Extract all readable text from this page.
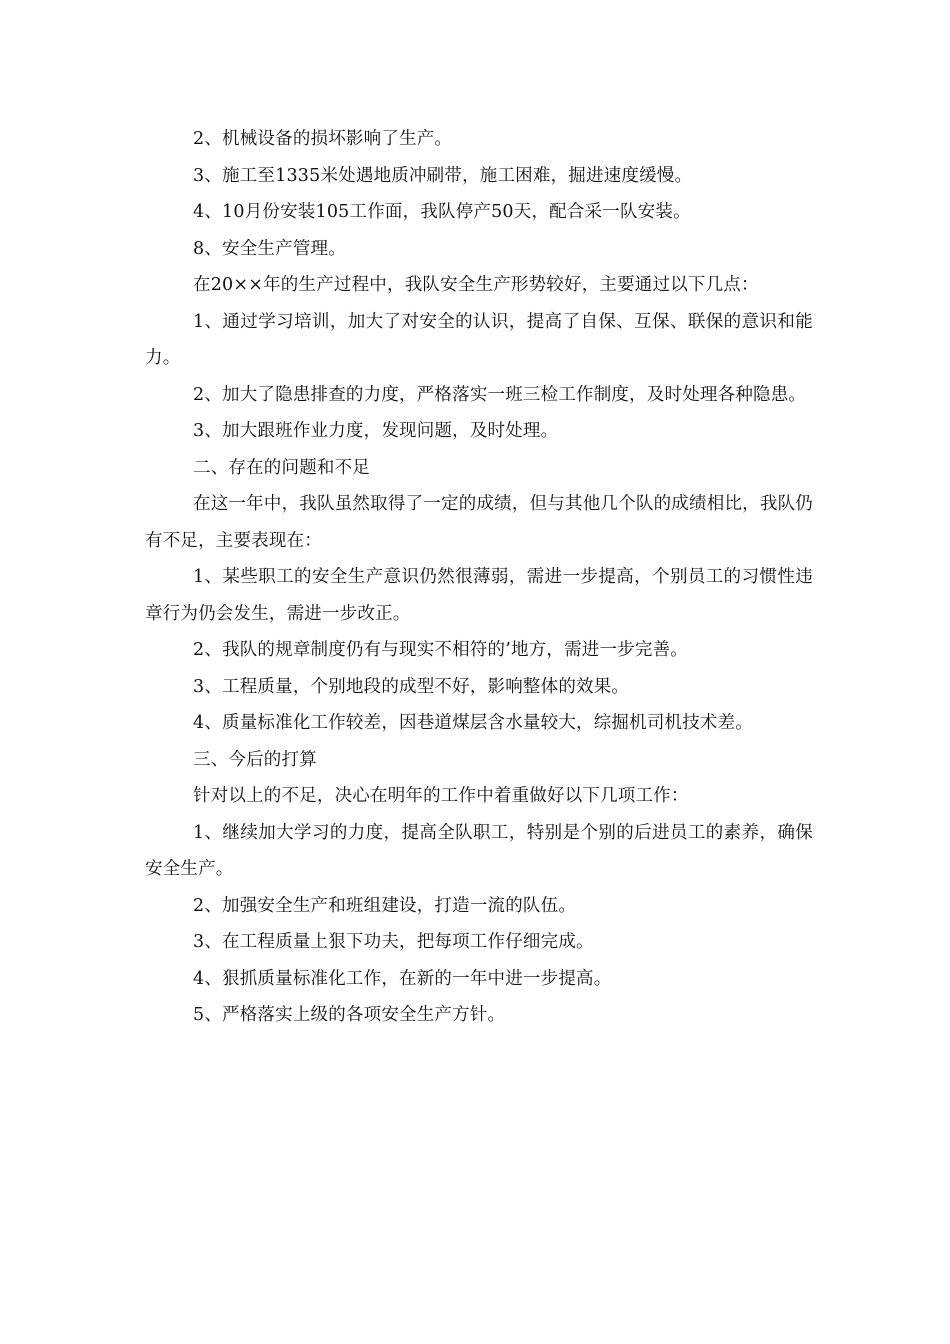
2、机械设备的损坏影响了生产。

3、施工至1335米处遇地质冲刷带，施工困难，掘进速度缓慢。

4、10月份安装105工作面，我队停产50天，配合采一队安装。

8、安全生产管理。

在20××年的生产过程中，我队安全生产形势较好，主要通过以下几点：

1、通过学习培训，加大了对安全的认识，提高了自保、互保、联保的意识和能力。

2、加大了隐患排查的力度，严格落实一班三检工作制度，及时处理各种隐患。

3、加大跟班作业力度，发现问题，及时处理。

二、存在的问题和不足

在这一年中，我队虽然取得了一定的成绩，但与其他几个队的成绩相比，我队仍有不足，主要表现在：

1、某些职工的安全生产意识仍然很薄弱，需进一步提高，个别员工的习惯性违章行为仍会发生，需进一步改正。

2、我队的规章制度仍有与现实不相符的’地方，需进一步完善。

3、工程质量，个别地段的成型不好，影响整体的效果。

4、质量标准化工作较差，因巷道煤层含水量较大，综掘机司机技术差。

三、今后的打算

针对以上的不足，决心在明年的工作中着重做好以下几项工作：

1、继续加大学习的力度，提高全队职工，特别是个别的后进员工的素养，确保安全生产。

2、加强安全生产和班组建设，打造一流的队伍。

3、在工程质量上狠下功夫，把每项工作仔细完成。

4、狠抓质量标准化工作，在新的一年中进一步提高。

5、严格落实上级的各项安全生产方针。
